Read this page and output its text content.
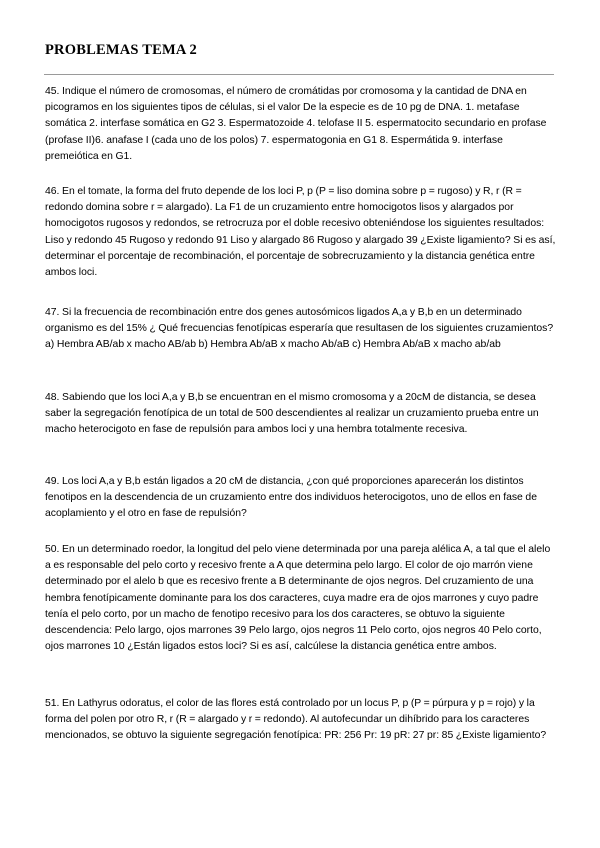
PROBLEMAS TEMA 2

45. Indique el número de cromosomas, el número de cromátidas por cromosoma y la cantidad de DNA en picogramos en los siguientes tipos de células, si el valor De la especie es de 10 pg de DNA. 1. metafase somática 2. interfase somática en G2 3. Espermatozoide 4. telofase II 5. espermatocito secundario en profase (profase II)6. anafase I (cada uno de los polos) 7. espermatogonia en G1 8. Espermátida 9. interfase premeiótica en G1.

46. En el tomate, la forma del fruto depende de los loci P, p (P = liso domina sobre p = rugoso) y R, r (R = redondo domina sobre r = alargado). La F1 de un cruzamiento entre homocigotos lisos y alargados por homocigotos rugosos y redondos, se retrocruza por el doble recesivo obteniéndose los siguientes resultados: Liso y redondo 45 Rugoso y redondo 91 Liso y alargado 86 Rugoso y alargado 39 ¿Existe ligamiento? Si es así, determinar el porcentaje de recombinación, el porcentaje de sobrecruzamiento y la distancia genética entre ambos loci.

47. Si la frecuencia de recombinación entre dos genes autosómicos ligados A,a y B,b en un determinado organismo es del 15% ¿ Qué frecuencias fenotípicas esperaría que resultasen de los siguientes cruzamientos? a) Hembra AB/ab x macho AB/ab b) Hembra Ab/aB x macho Ab/aB c) Hembra Ab/aB x macho ab/ab

48. Sabiendo que los loci A,a y B,b se encuentran en el mismo cromosoma y a 20cM de distancia, se desea saber la segregación fenotípica de un total de 500 descendientes al realizar un cruzamiento prueba entre un macho heterocigoto en fase de repulsión para ambos loci y una hembra totalmente recesiva.

49. Los loci A,a y B,b están ligados a 20 cM de distancia, ¿con qué proporciones aparecerán los distintos fenotipos en la descendencia de un cruzamiento entre dos individuos heterocigotos, uno de ellos en fase de acoplamiento y el otro en fase de repulsión?

50. En un determinado roedor, la longitud del pelo viene determinada por una pareja alélica A, a tal que el alelo a es responsable del pelo corto y recesivo frente a A que determina pelo largo. El color de ojo marrón viene determinado por el alelo b que es recesivo frente a B determinante de ojos negros. Del cruzamiento de una hembra fenotípicamente dominante para los dos caracteres, cuya madre era de ojos marrones y cuyo padre tenía el pelo corto, por un macho de fenotipo recesivo para los dos caracteres, se obtuvo la siguiente descendencia: Pelo largo, ojos marrones 39 Pelo largo, ojos negros 11 Pelo corto, ojos negros 40 Pelo corto, ojos marrones 10 ¿Están ligados estos loci? Si es así, calcúlese la distancia genética entre ambos.

51. En Lathyrus odoratus, el color de las flores está controlado por un locus P, p (P = púrpura y p = rojo) y la forma del polen por otro R, r (R = alargado y r = redondo). Al autofecundar un dihíbrido para los caracteres mencionados, se obtuvo la siguiente segregación fenotípica: PR: 256 Pr: 19 pR: 27 pr: 85 ¿Existe ligamiento?
